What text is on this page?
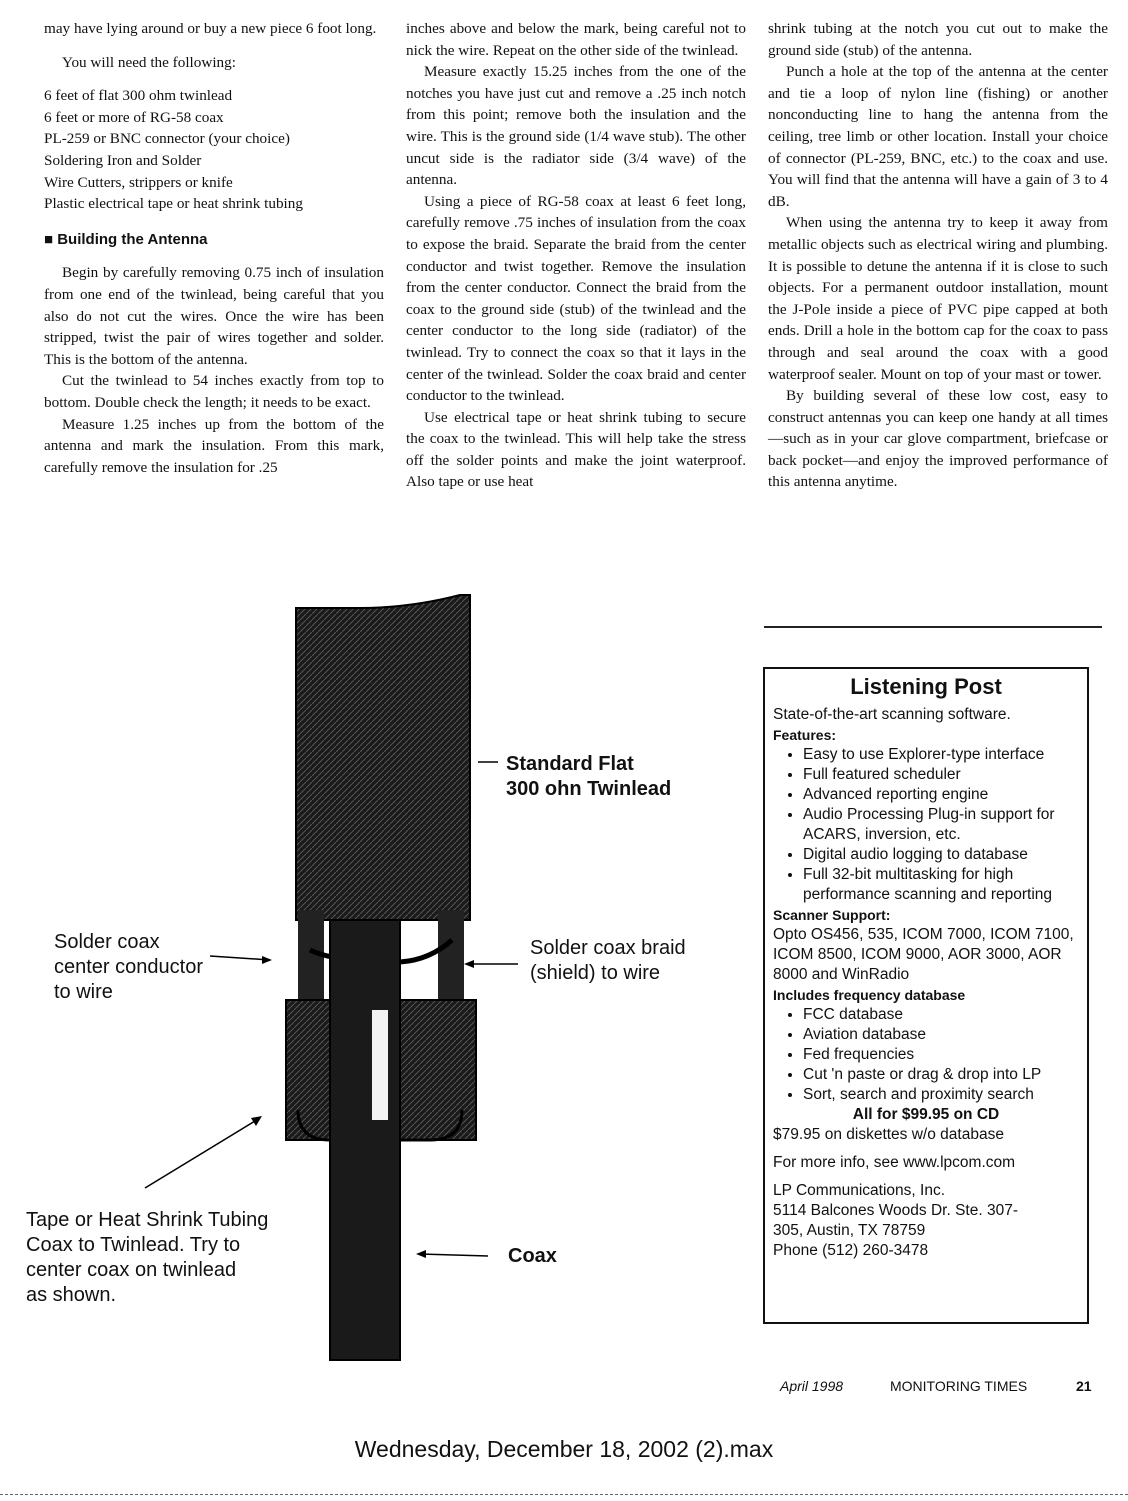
may have lying around or buy a new piece 6 foot long.

You will need the following:

6 feet of flat 300 ohm twinlead
6 feet or more of RG-58 coax
PL-259 or BNC connector (your choice)
Soldering Iron and Solder
Wire Cutters, strippers or knife
Plastic electrical tape or heat shrink tubing
■ Building the Antenna

Begin by carefully removing 0.75 inch of insulation from one end of the twinlead, being careful that you also do not cut the wires. Once the wire has been stripped, twist the pair of wires together and solder. This is the bottom of the antenna.

Cut the twinlead to 54 inches exactly from top to bottom. Double check the length; it needs to be exact.

Measure 1.25 inches up from the bottom of the antenna and mark the insulation. From this mark, carefully remove the insulation for .25

inches above and below the mark, being careful not to nick the wire. Repeat on the other side of the twinlead.

Measure exactly 15.25 inches from the one of the notches you have just cut and remove a .25 inch notch from this point; remove both the insulation and the wire. This is the ground side (1/4 wave stub). The other uncut side is the radiator side (3/4 wave) of the antenna.

Using a piece of RG-58 coax at least 6 feet long, carefully remove .75 inches of insulation from the coax to expose the braid. Separate the braid from the center conductor and twist together. Remove the insulation from the center conductor. Connect the braid from the coax to the ground side (stub) of the twinlead and the center conductor to the long side (radiator) of the twinlead. Try to connect the coax so that it lays in the center of the twinlead. Solder the coax braid and center conductor to the twinlead.

Use electrical tape or heat shrink tubing to secure the coax to the twinlead. This will help take the stress off the solder points and make the joint waterproof. Also tape or use heat

shrink tubing at the notch you cut out to make the ground side (stub) of the antenna.

Punch a hole at the top of the antenna at the center and tie a loop of nylon line (fishing) or another nonconducting line to hang the antenna from the ceiling, tree limb or other location. Install your choice of connector (PL-259, BNC, etc.) to the coax and use. You will find that the antenna will have a gain of 3 to 4 dB.

When using the antenna try to keep it away from metallic objects such as electrical wiring and plumbing. It is possible to detune the antenna if it is close to such objects. For a permanent outdoor installation, mount the J-Pole inside a piece of PVC pipe capped at both ends. Drill a hole in the bottom cap for the coax to pass through and seal around the coax with a good waterproof sealer. Mount on top of your mast or tower.

By building several of these low cost, easy to construct antennas you can keep one handy at all times—such as in your car glove compartment, briefcase or back pocket—and enjoy the improved performance of this antenna anytime.

Standard Flat
300 ohn Twinlead
Solder coax
center conductor
to wire
Solder coax braid
(shield) to wire
Tape or Heat Shrink Tubing
Coax to Twinlead. Try to
center coax on twinlead
as shown.
Coax
Listening Post
State-of-the-art scanning software.
Features:
• Easy to use Explorer-type interface
• Full featured scheduler
• Advanced reporting engine
• Audio Processing Plug-in support for ACARS, inversion, etc.
• Digital audio logging to database
• Full 32-bit multitasking for high performance scanning and reporting
Scanner Support:
Opto OS456, 535, ICOM 7000, ICOM 7100, ICOM 8500, ICOM 9000, AOR 3000, AOR 8000 and WinRadio
Includes frequency database
• FCC database
• Aviation database
• Fed frequencies
• Cut 'n paste or drag & drop into LP
• Sort, search and proximity search
All for $99.95 on CD
$79.95 on diskettes w/o database
For more info, see www.lpcom.com
LP Communications, Inc.
5114 Balcones Woods Dr. Ste. 307-
305, Austin, TX 78759
Phone (512) 260-3478
April 1998	MONITORING TIMES	21
Wednesday, December 18, 2002 (2).max
